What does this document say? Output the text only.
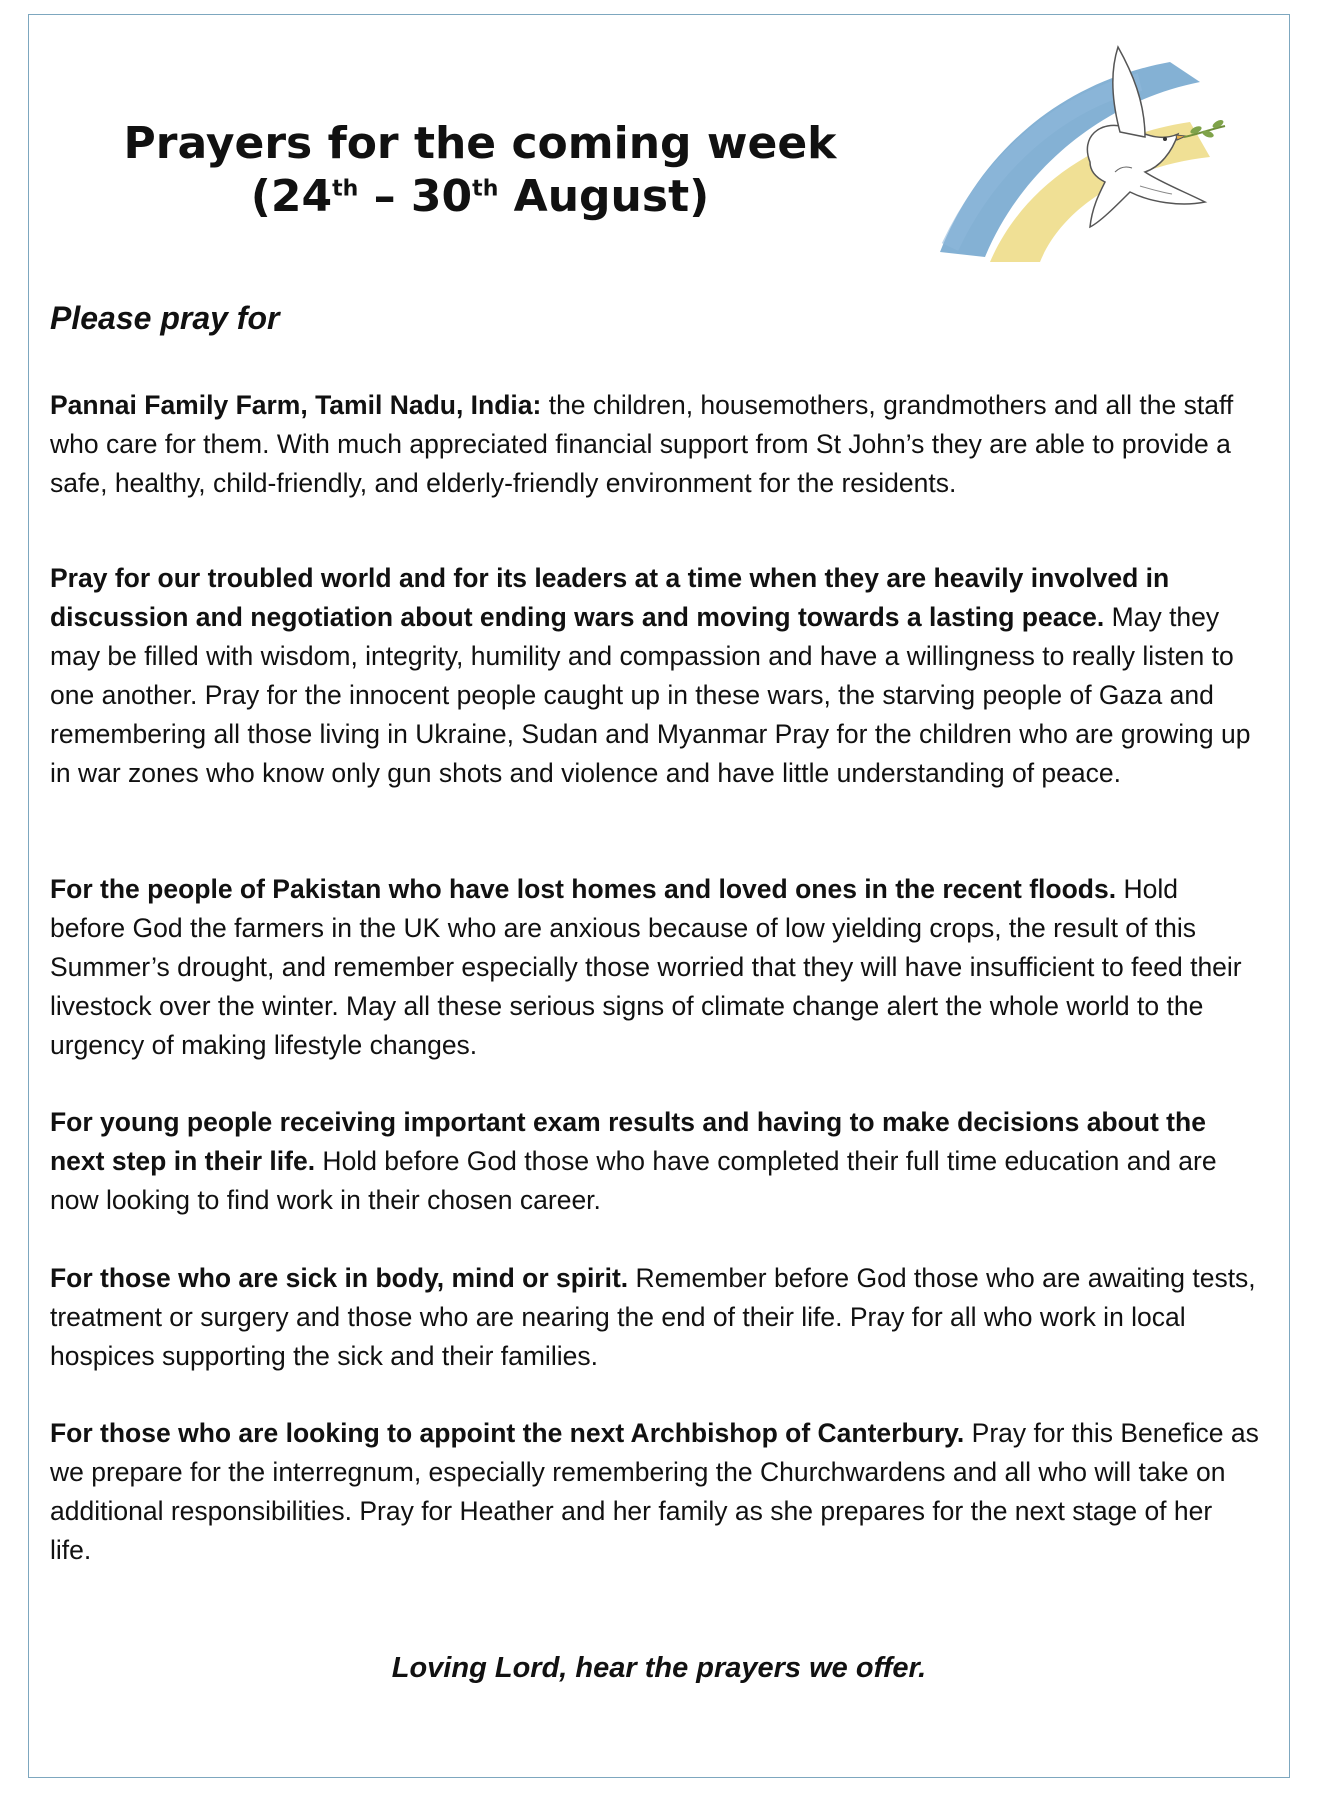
Prayers for the coming week
(24th – 30th August)
Please pray for

Pannai Family Farm, Tamil Nadu, India: the children, housemothers, grandmothers and all the staff who care for them. With much appreciated financial support from St John’s they are able to provide a safe, healthy, child-friendly, and elderly-friendly environment for the residents.

Pray for our troubled world and for its leaders at a time when they are heavily involved in discussion and negotiation about ending wars and moving towards a lasting peace. May they may be filled with wisdom, integrity, humility and compassion and have a willingness to really listen to one another. Pray for the innocent people caught up in these wars, the starving people of Gaza and remembering all those living in Ukraine, Sudan and Myanmar Pray for the children who are growing up in war zones who know only gun shots and violence and have little understanding of peace.

For the people of Pakistan who have lost homes and loved ones in the recent floods. Hold before God the farmers in the UK who are anxious because of low yielding crops, the result of this Summer’s drought, and remember especially those worried that they will have insufficient to feed their livestock over the winter. May all these serious signs of climate change alert the whole world to the urgency of making lifestyle changes.

For young people receiving important exam results and having to make decisions about the next step in their life. Hold before God those who have completed their full time education and are now looking to find work in their chosen career.

For those who are sick in body, mind or spirit. Remember before God those who are awaiting tests, treatment or surgery and those who are nearing the end of their life. Pray for all who work in local hospices supporting the sick and their families.

For those who are looking to appoint the next Archbishop of Canterbury. Pray for this Benefice as we prepare for the interregnum, especially remembering the Churchwardens and all who will take on additional responsibilities. Pray for Heather and her family as she prepares for the next stage of her life.

Loving Lord, hear the prayers we offer.
